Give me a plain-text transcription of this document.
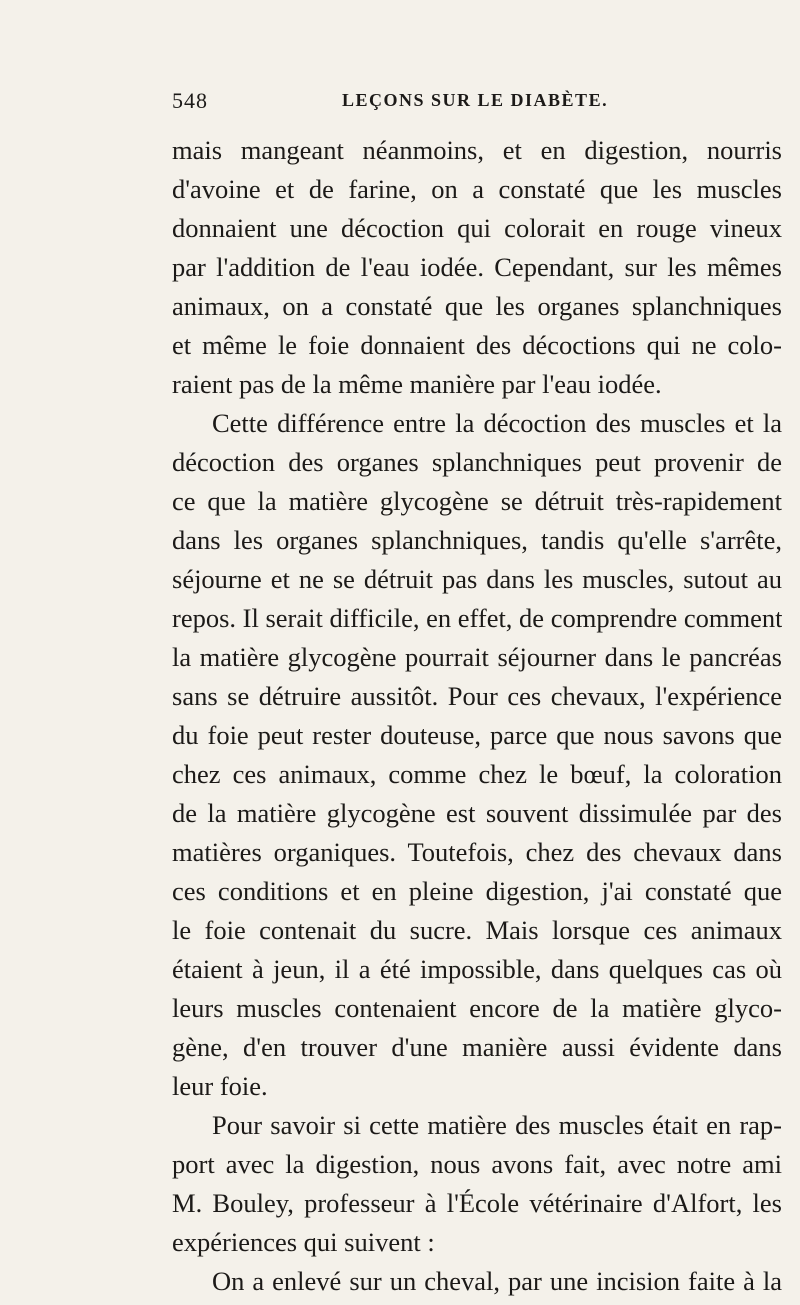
548	LEÇONS SUR LE DIABÈTE.
mais mangeant néanmoins, et en digestion, nourris
d'avoine et de farine, on a constaté que les muscles
donnaient une décoction qui colorait en rouge vineux
par l'addition de l'eau iodée. Cependant, sur les mêmes
animaux, on a constaté que les organes splanchniques
et même le foie donnaient des décoctions qui ne colo-
raient pas de la même manière par l'eau iodée.
Cette différence entre la décoction des muscles et la
décoction des organes splanchniques peut provenir de
ce que la matière glycogène se détruit très-rapidement
dans les organes splanchniques, tandis qu'elle s'arrête,
séjourne et ne se détruit pas dans les muscles, sutout au
repos. Il serait difficile, en effet, de comprendre comment
la matière glycogène pourrait séjourner dans le pancréas
sans se détruire aussitôt. Pour ces chevaux, l'expérience
du foie peut rester douteuse, parce que nous savons que
chez ces animaux, comme chez le bœuf, la coloration
de la matière glycogène est souvent dissimulée par des
matières organiques. Toutefois, chez des chevaux dans
ces conditions et en pleine digestion, j'ai constaté que
le foie contenait du sucre. Mais lorsque ces animaux
étaient à jeun, il a été impossible, dans quelques cas où
leurs muscles contenaient encore de la matière glyco-
gène, d'en trouver d'une manière aussi évidente dans
leur foie.
Pour savoir si cette matière des muscles était en rap-
port avec la digestion, nous avons fait, avec notre ami
M. Bouley, professeur à l'École vétérinaire d'Alfort, les
expériences qui suivent :
On a enlevé sur un cheval, par une incision faite à la
